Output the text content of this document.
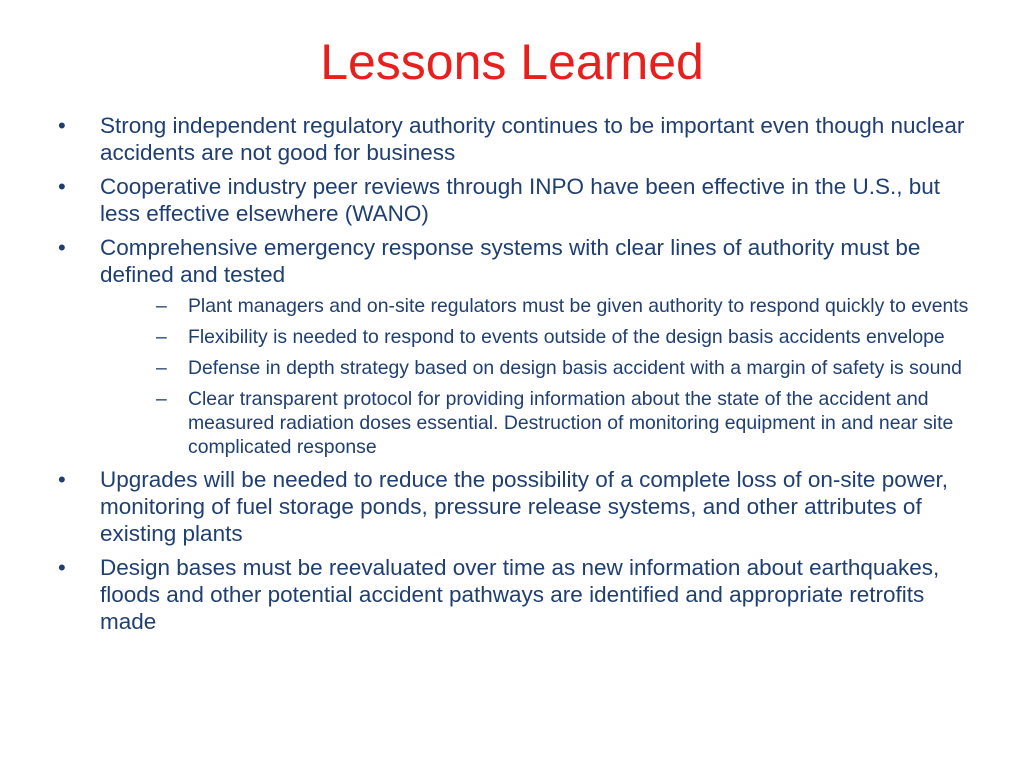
Lessons Learned
• Strong independent regulatory authority continues to be important even though nuclear accidents are not good for business
• Cooperative industry peer reviews through INPO have been effective in the U.S., but less effective elsewhere (WANO)
• Comprehensive emergency response systems with clear lines of authority must be defined and tested
– Plant managers and on-site regulators must be given authority to respond quickly to events
– Flexibility is needed to respond to events outside of the design basis accidents envelope
– Defense in depth strategy based on design basis accident with a margin of safety is sound
– Clear transparent protocol for providing information about the state of the accident and measured radiation doses essential. Destruction of monitoring equipment in and near site complicated response
• Upgrades will be needed to reduce the possibility of a complete loss of on-site power, monitoring of fuel storage ponds, pressure release systems, and other attributes of existing plants
• Design bases must be reevaluated over time as new information about earthquakes, floods and other potential accident pathways are identified and appropriate retrofits made
